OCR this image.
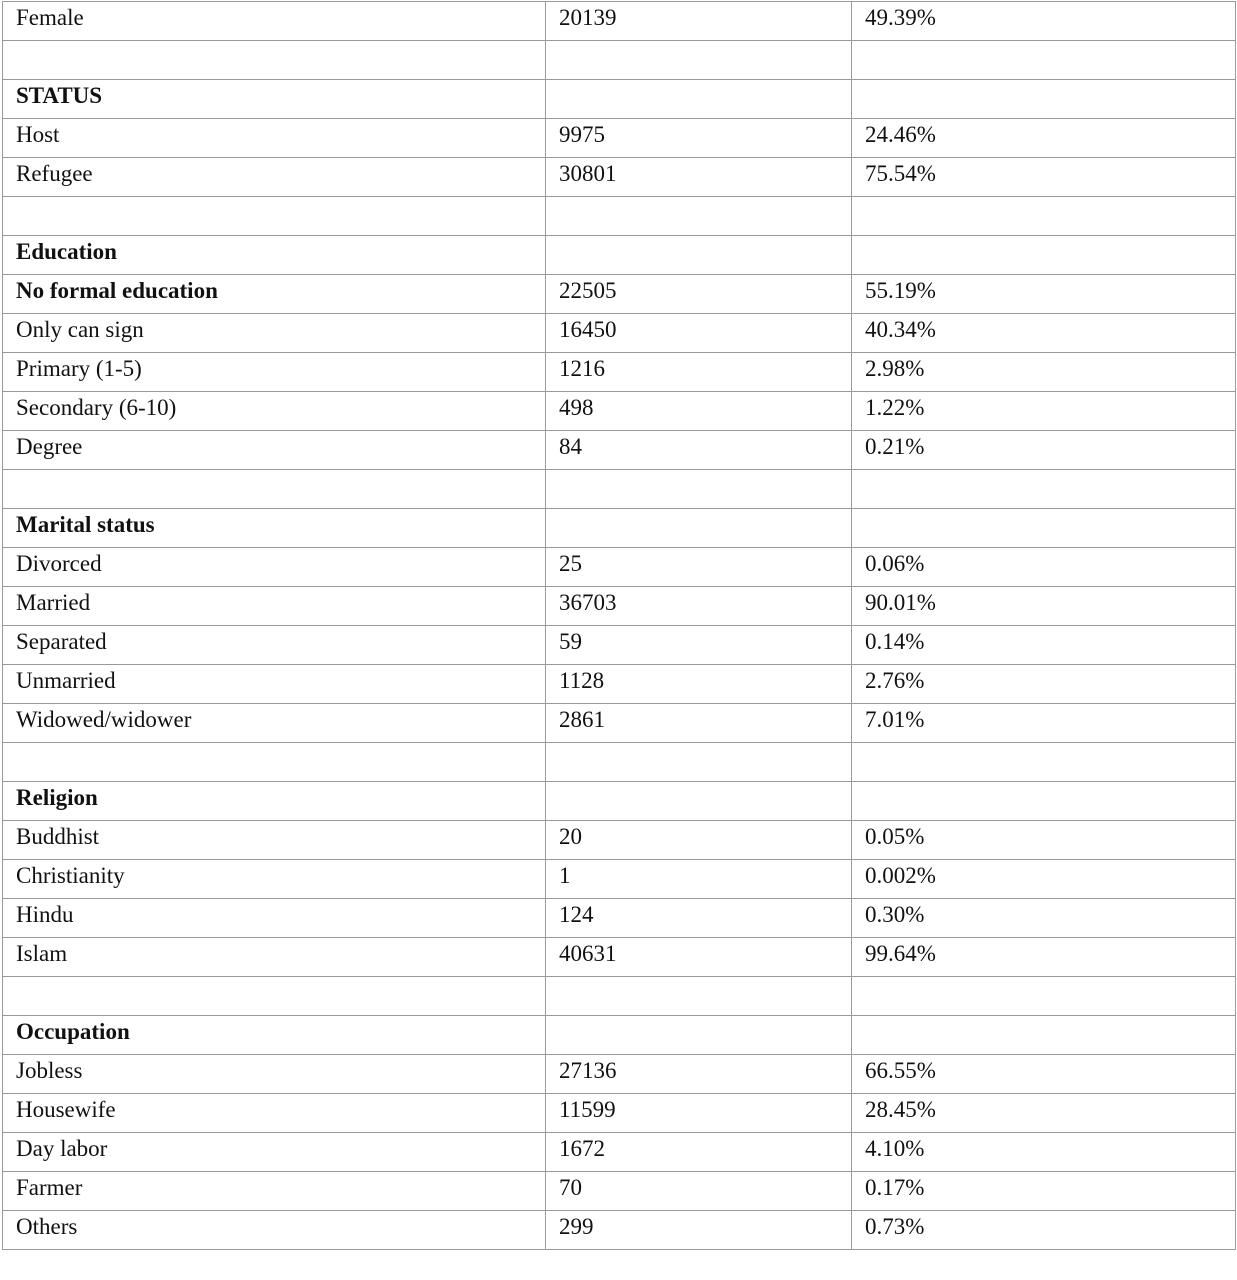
Female	20139	49.39%

STATUS		
Host	9975	24.46%
Refugee	30801	75.54%

Education		
No formal education	22505	55.19%
Only can sign	16450	40.34%
Primary (1-5)	1216	2.98%
Secondary (6-10)	498	1.22%
Degree	84	0.21%

Marital status		
Divorced	25	0.06%
Married	36703	90.01%
Separated	59	0.14%
Unmarried	1128	2.76%
Widowed/widower	2861	7.01%

Religion		
Buddhist	20	0.05%
Christianity	1	0.002%
Hindu	124	0.30%
Islam	40631	99.64%

Occupation		
Jobless	27136	66.55%
Housewife	11599	28.45%
Day labor	1672	4.10%
Farmer	70	0.17%
Others	299	0.73%
